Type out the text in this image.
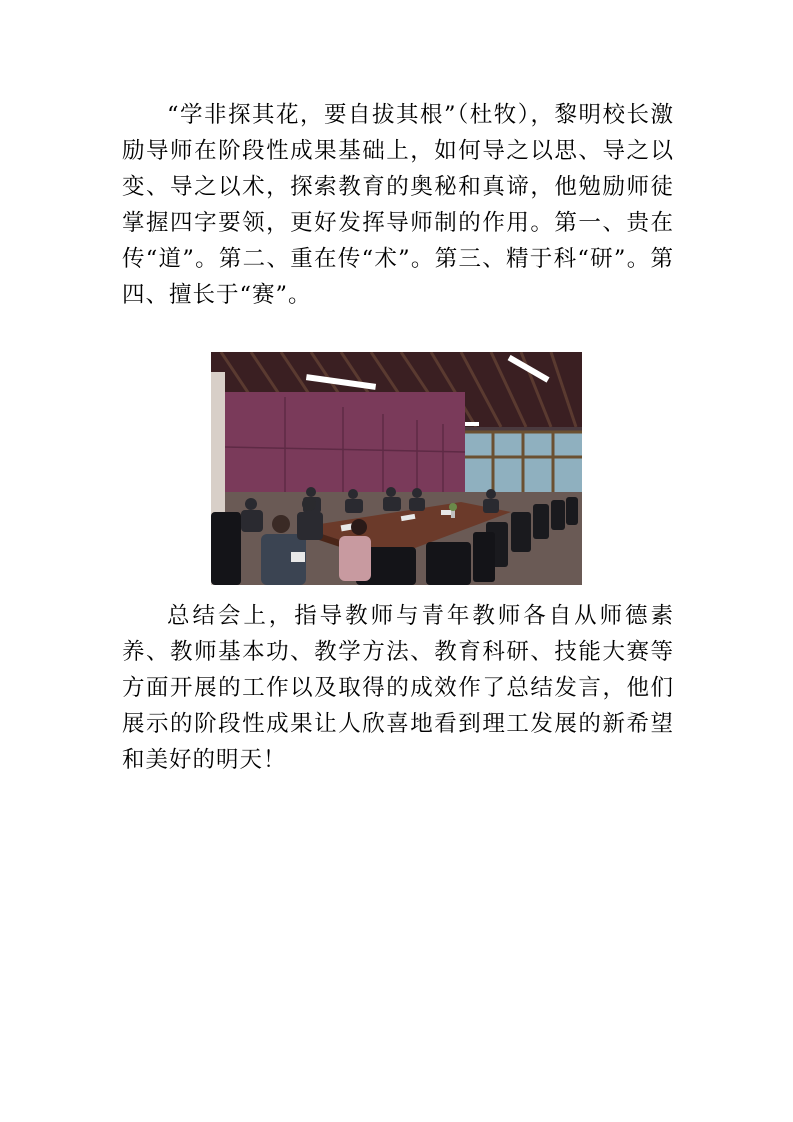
“学非探其花，要自拔其根”（杜牧），黎明校长激励导师在阶段性成果基础上，如何导之以思、导之以变、导之以术，探索教育的奥秘和真谛，他勉励师徒掌握四字要领，更好发挥导师制的作用。第一、贵在传“道”。第二、重在传“术”。第三、精于科“研”。第四、擅长于“赛”。

总结会上，指导教师与青年教师各自从师德素养、教师基本功、教学方法、教育科研、技能大赛等方面开展的工作以及取得的成效作了总结发言，他们展示的阶段性成果让人欣喜地看到理工发展的新希望和美好的明天！
